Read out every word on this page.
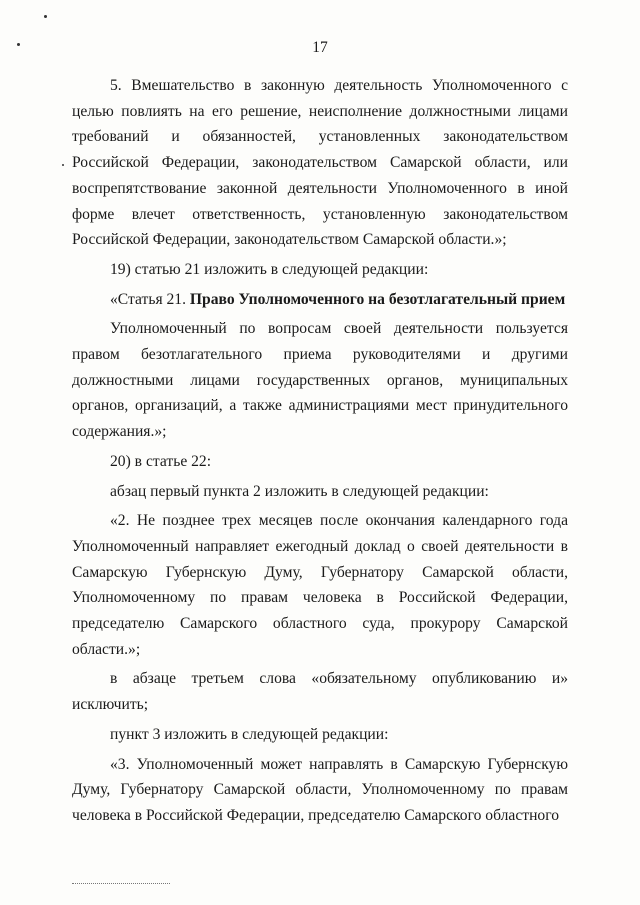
17

5. Вмешательство в законную деятельность Уполномоченного с целью повлиять на его решение, неисполнение должностными лицами требований и обязанностей, установленных законодательством Российской Федерации, законодательством Самарской области, или воспрепятствование законной деятельности Уполномоченного в иной форме влечет ответственность, установленную законодательством Российской Федерации, законодательством Самарской области.»;

19) статью 21 изложить в следующей редакции:

«Статья 21. Право Уполномоченного на безотлагательный прием

Уполномоченный по вопросам своей деятельности пользуется правом безотлагательного приема руководителями и другими должностными лицами государственных органов, муниципальных органов, организаций, а также администрациями мест принудительного содержания.»;

20) в статье 22:

абзац первый пункта 2 изложить в следующей редакции:

«2. Не позднее трех месяцев после окончания календарного года Уполномоченный направляет ежегодный доклад о своей деятельности в Самарскую Губернскую Думу, Губернатору Самарской области, Уполномоченному по правам человека в Российской Федерации, председателю Самарского областного суда, прокурору Самарской области.»;

в абзаце третьем слова «обязательному опубликованию и» исключить;

пункт 3 изложить в следующей редакции:

«3. Уполномоченный может направлять в Самарскую Губернскую Думу, Губернатору Самарской области, Уполномоченному по правам человека в Российской Федерации, председателю Самарского областного
